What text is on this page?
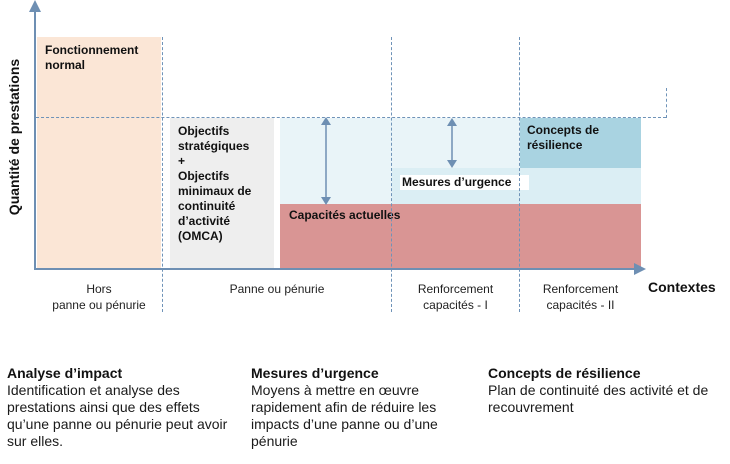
Fonctionnement
normal
Objectifs
stratégiques
+
Objectifs
minimaux de
continuité
d’activité
(OMCA)
Mesures d’urgence
Concepts de résilience
Capacités actuelles
Quantité de prestations
Contextes
Hors
panne ou pénurie
Panne ou pénurie	Renforcement
capacités - I
Renforcement
capacités - II
Analyse d’impact
Identification et analyse des prestations ainsi que des effets qu’une panne ou pénurie peut avoir sur elles.
Mesures d’urgence
Moyens à mettre en œuvre rapidement afin de réduire les impacts d’une panne ou d’une pénurie
Concepts de résilience
Plan de continuité des activité et de recouvrement
